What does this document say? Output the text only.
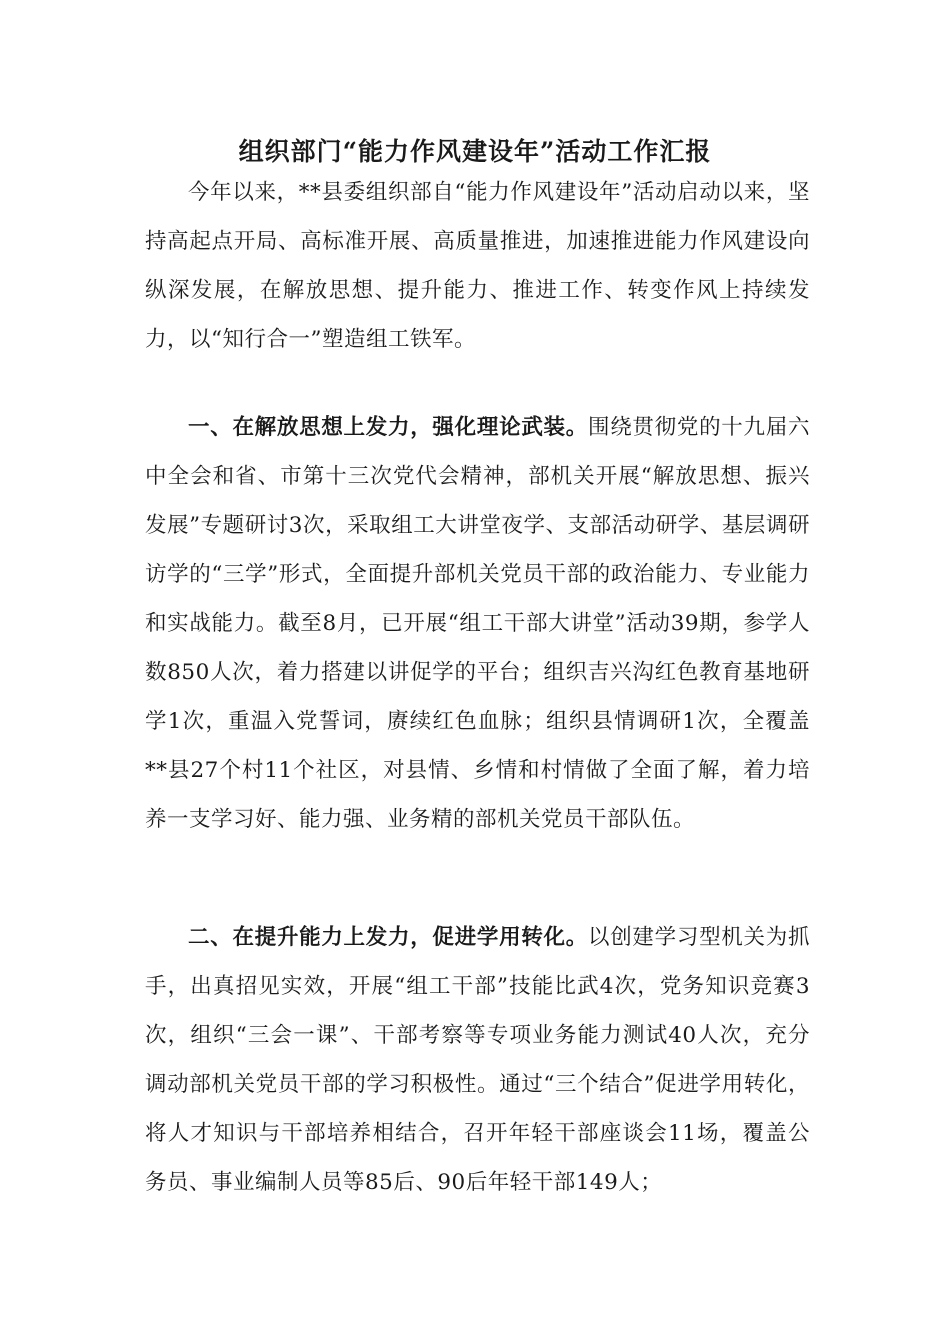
组织部门“能力作风建设年”活动工作汇报

今年以来，**县委组织部自“能力作风建设年”活动启动以来，坚持高起点开局、高标准开展、高质量推进，加速推进能力作风建设向纵深发展，在解放思想、提升能力、推进工作、转变作风上持续发力，以“知行合一”塑造组工铁军。

一、在解放思想上发力，强化理论武装。围绕贯彻党的十九届六中全会和省、市第十三次党代会精神，部机关开展“解放思想、振兴发展”专题研讨3次，采取组工大讲堂夜学、支部活动研学、基层调研访学的“三学”形式，全面提升部机关党员干部的政治能力、专业能力和实战能力。截至8月，已开展“组工干部大讲堂”活动39期，参学人数850人次，着力搭建以讲促学的平台；组织吉兴沟红色教育基地研学1次，重温入党誓词，赓续红色血脉；组织县情调研1次，全覆盖**县27个村11个社区，对县情、乡情和村情做了全面了解，着力培养一支学习好、能力强、业务精的部机关党员干部队伍。

二、在提升能力上发力，促进学用转化。以创建学习型机关为抓手，出真招见实效，开展“组工干部”技能比武4次，党务知识竞赛3次，组织“三会一课”、干部考察等专项业务能力测试40人次，充分调动部机关党员干部的学习积极性。通过“三个结合”促进学用转化，将人才知识与干部培养相结合，召开年轻干部座谈会11场，覆盖公务员、事业编制人员等85后、90后年轻干部149人；
